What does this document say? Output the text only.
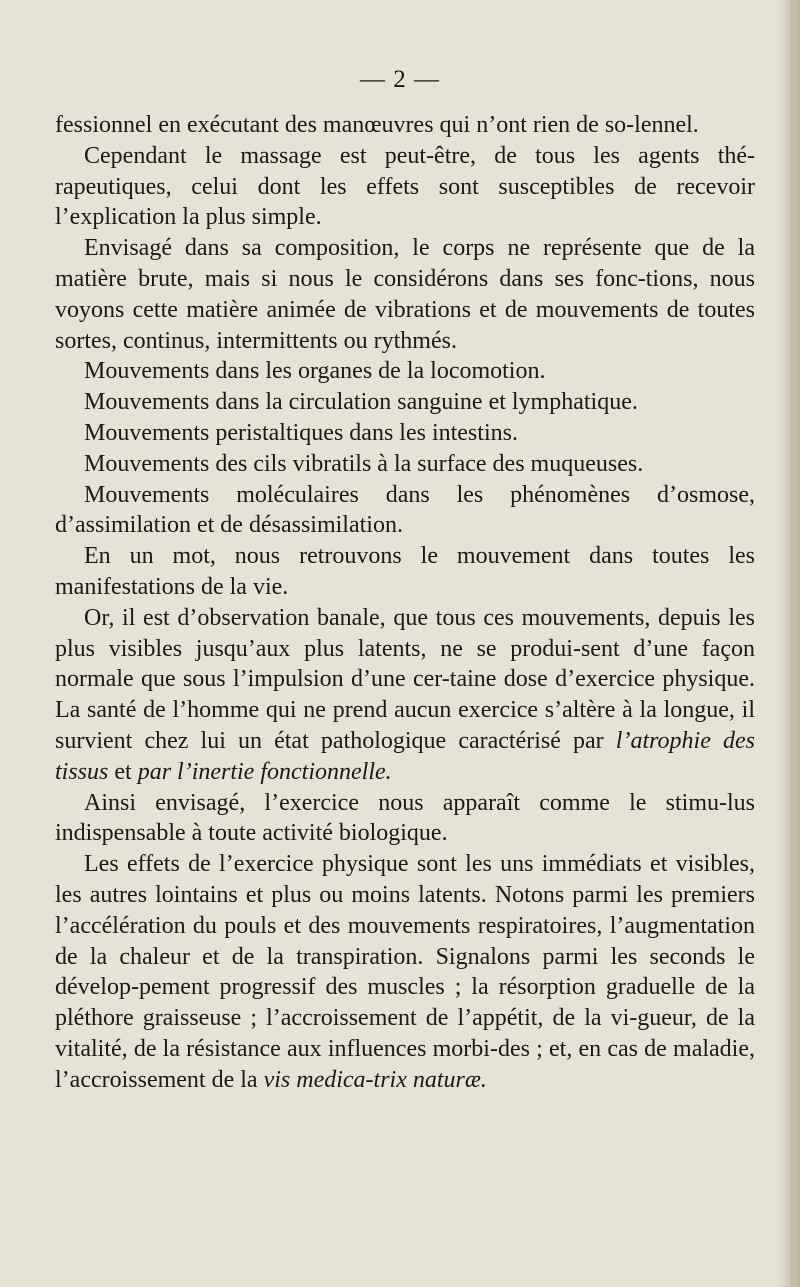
— 2 —

fessionnel en exécutant des manœuvres qui n’ont rien de so-lennel.

Cependant le massage est peut-être, de tous les agents thé-rapeutiques, celui dont les effets sont susceptibles de recevoir l’explication la plus simple.

Envisagé dans sa composition, le corps ne représente que de la matière brute, mais si nous le considérons dans ses fonc-tions, nous voyons cette matière animée de vibrations et de mouvements de toutes sortes, continus, intermittents ou rythmés.

Mouvements dans les organes de la locomotion.

Mouvements dans la circulation sanguine et lymphatique.

Mouvements peristaltiques dans les intestins.

Mouvements des cils vibratils à la surface des muqueuses.

Mouvements moléculaires dans les phénomènes d’osmose, d’assimilation et de désassimilation.

En un mot, nous retrouvons le mouvement dans toutes les manifestations de la vie.

Or, il est d’observation banale, que tous ces mouvements, depuis les plus visibles jusqu’aux plus latents, ne se produi-sent d’une façon normale que sous l’impulsion d’une cer-taine dose d’exercice physique. La santé de l’homme qui ne prend aucun exercice s’altère à la longue, il survient chez lui un état pathologique caractérisé par l’atrophie des tissus et par l’inertie fonctionnelle.

Ainsi envisagé, l’exercice nous apparaît comme le stimu-lus indispensable à toute activité biologique.

Les effets de l’exercice physique sont les uns immédiats et visibles, les autres lointains et plus ou moins latents. Notons parmi les premiers l’accélération du pouls et des mouvements respiratoires, l’augmentation de la chaleur et de la transpiration. Signalons parmi les seconds le dévelop-pement progressif des muscles ; la résorption graduelle de la pléthore graisseuse ; l’accroissement de l’appétit, de la vi-gueur, de la vitalité, de la résistance aux influences morbi-des ; et, en cas de maladie, l’accroissement de la vis medica-trix naturæ.
